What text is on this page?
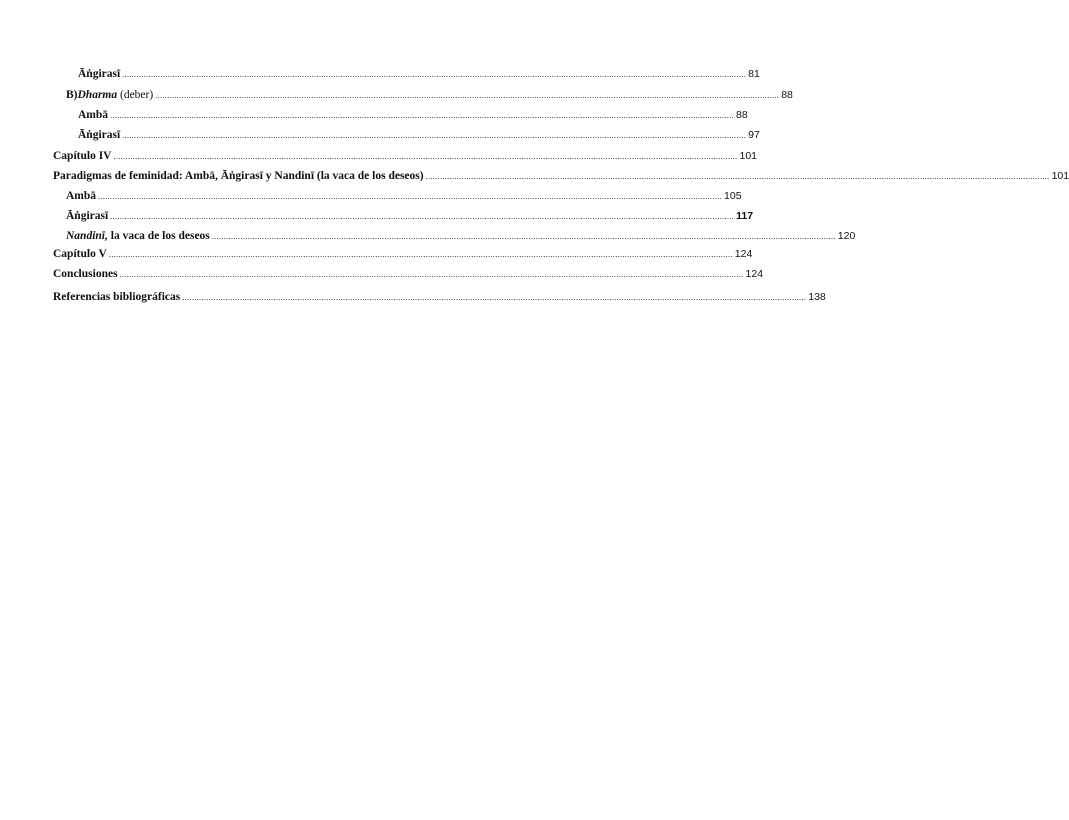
Āṅgirasī .................................................................................................................................................................................................................................................................... 81
B) Dharma (deber) .................................................................................................................................................................................................................................................................... 88
Ambā .................................................................................................................................................................................................................................................................... 88
Āṅgirasī .................................................................................................................................................................................................................................................................... 97
Capítulo IV .................................................................................................................................................................................................................................................................... 101
Paradigmas de feminidad: Ambā, Āṅgirasī y Nandinī (la vaca de los deseos) .................................................................................................................................................................................................................................................................... 101
Ambā .................................................................................................................................................................................................................................................................... 105
Āṅgirasī .................................................................................................................................................................................................................................................................... 117
Nandinī, la vaca de los deseos .................................................................................................................................................................................................................................................................... 120
Capítulo V .................................................................................................................................................................................................................................................................... 124
Conclusiones .................................................................................................................................................................................................................................................................... 124
Referencias bibliográficas .................................................................................................................................................................................................................................................................... 138
